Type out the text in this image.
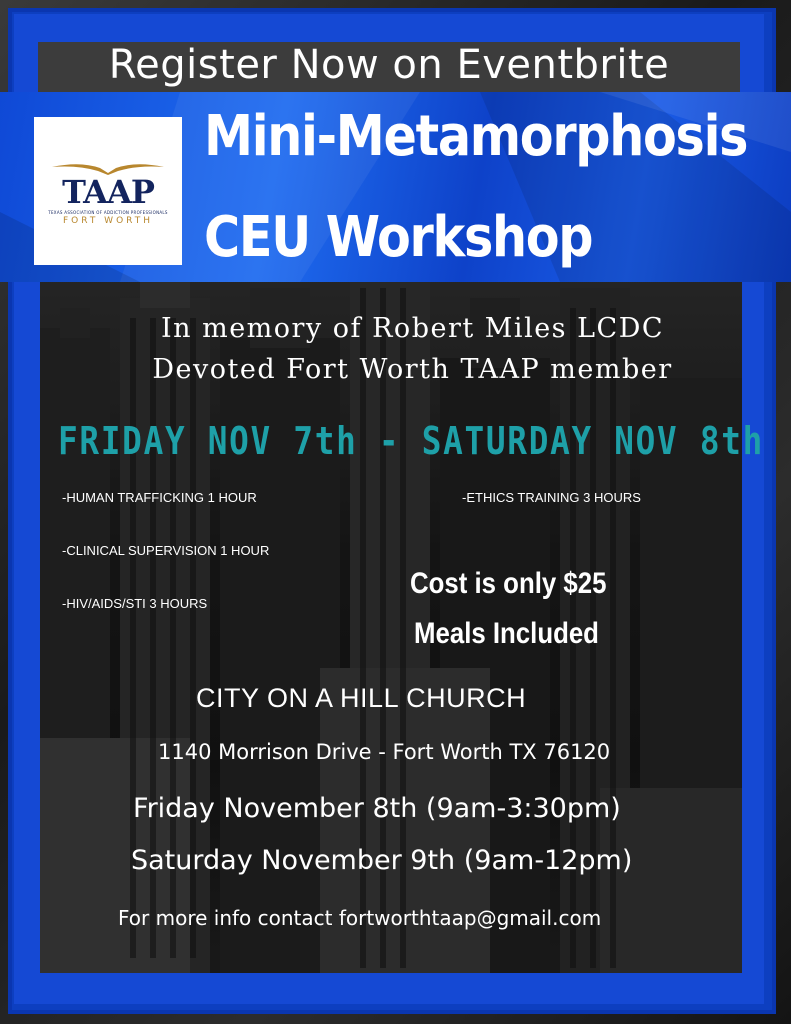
Register Now on Eventbrite
TAAP
TEXAS ASSOCIATION OF ADDICTION PROFESSIONALS
FORT WORTH
Mini-Metamorphosis
CEU Workshop
In memory of Robert Miles LCDC
Devoted Fort Worth TAAP member
FRIDAY NOV 7th - SATURDAY NOV 8th
-HUMAN TRAFFICKING 1 HOUR	-ETHICS TRAINING 3 HOURS
-CLINICAL SUPERVISION 1 HOUR
-HIV/AIDS/STI 3 HOURS
Cost is only $25
Meals Included
CITY ON A HILL CHURCH
1140 Morrison Drive - Fort Worth TX 76120
Friday November 8th (9am-3:30pm)
Saturday November 9th (9am-12pm)
For more info contact fortworthtaap@gmail.com
